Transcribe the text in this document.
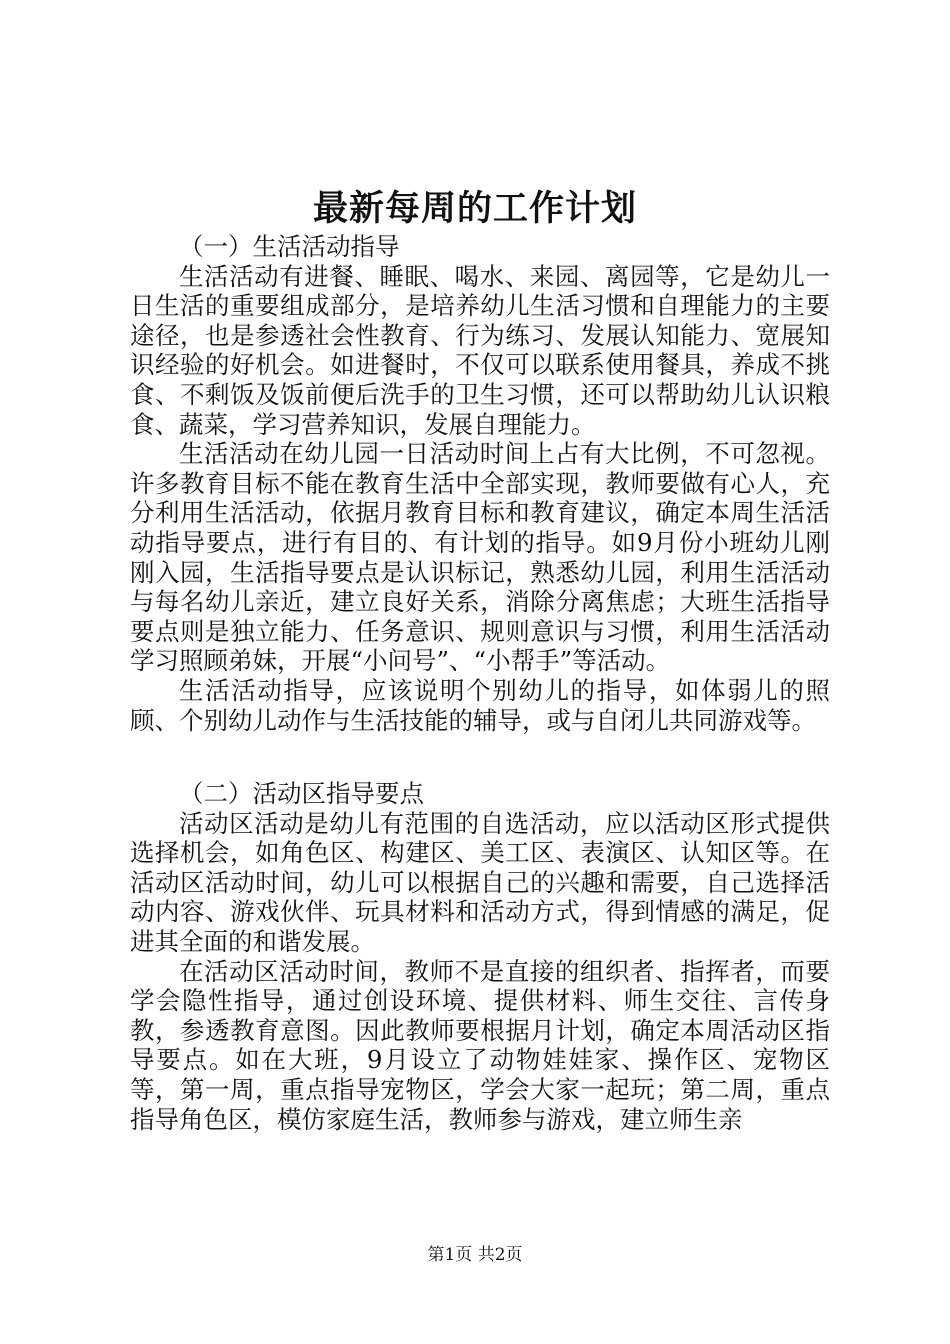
最新每周的工作计划

（一）生活活动指导

生活活动有进餐、睡眠、喝水、来园、离园等，它是幼儿一日生活的重要组成部分，是培养幼儿生活习惯和自理能力的主要途径，也是参透社会性教育、行为练习、发展认知能力、宽展知识经验的好机会。如进餐时，不仅可以联系使用餐具，养成不挑食、不剩饭及饭前便后洗手的卫生习惯，还可以帮助幼儿认识粮食、蔬菜，学习营养知识，发展自理能力。

生活活动在幼儿园一日活动时间上占有大比例，不可忽视。许多教育目标不能在教育生活中全部实现，教师要做有心人，充分利用生活活动，依据月教育目标和教育建议，确定本周生活活动指导要点，进行有目的、有计划的指导。如9月份小班幼儿刚刚入园，生活指导要点是认识标记，熟悉幼儿园，利用生活活动与每名幼儿亲近，建立良好关系，消除分离焦虑；大班生活指导要点则是独立能力、任务意识、规则意识与习惯，利用生活活动学习照顾弟妹，开展“小问号”、“小帮手”等活动。

生活活动指导，应该说明个别幼儿的指导，如体弱儿的照顾、个别幼儿动作与生活技能的辅导，或与自闭儿共同游戏等。

（二）活动区指导要点

活动区活动是幼儿有范围的自选活动，应以活动区形式提供选择机会，如角色区、构建区、美工区、表演区、认知区等。在活动区活动时间，幼儿可以根据自己的兴趣和需要，自己选择活动内容、游戏伙伴、玩具材料和活动方式，得到情感的满足，促进其全面的和谐发展。

在活动区活动时间，教师不是直接的组织者、指挥者，而要学会隐性指导，通过创设环境、提供材料、师生交往、言传身教，参透教育意图。因此教师要根据月计划，确定本周活动区指导要点。如在大班，9月设立了动物娃娃家、操作区、宠物区等，第一周，重点指导宠物区，学会大家一起玩；第二周，重点指导角色区，模仿家庭生活，教师参与游戏，建立师生亲

第1页 共2页
